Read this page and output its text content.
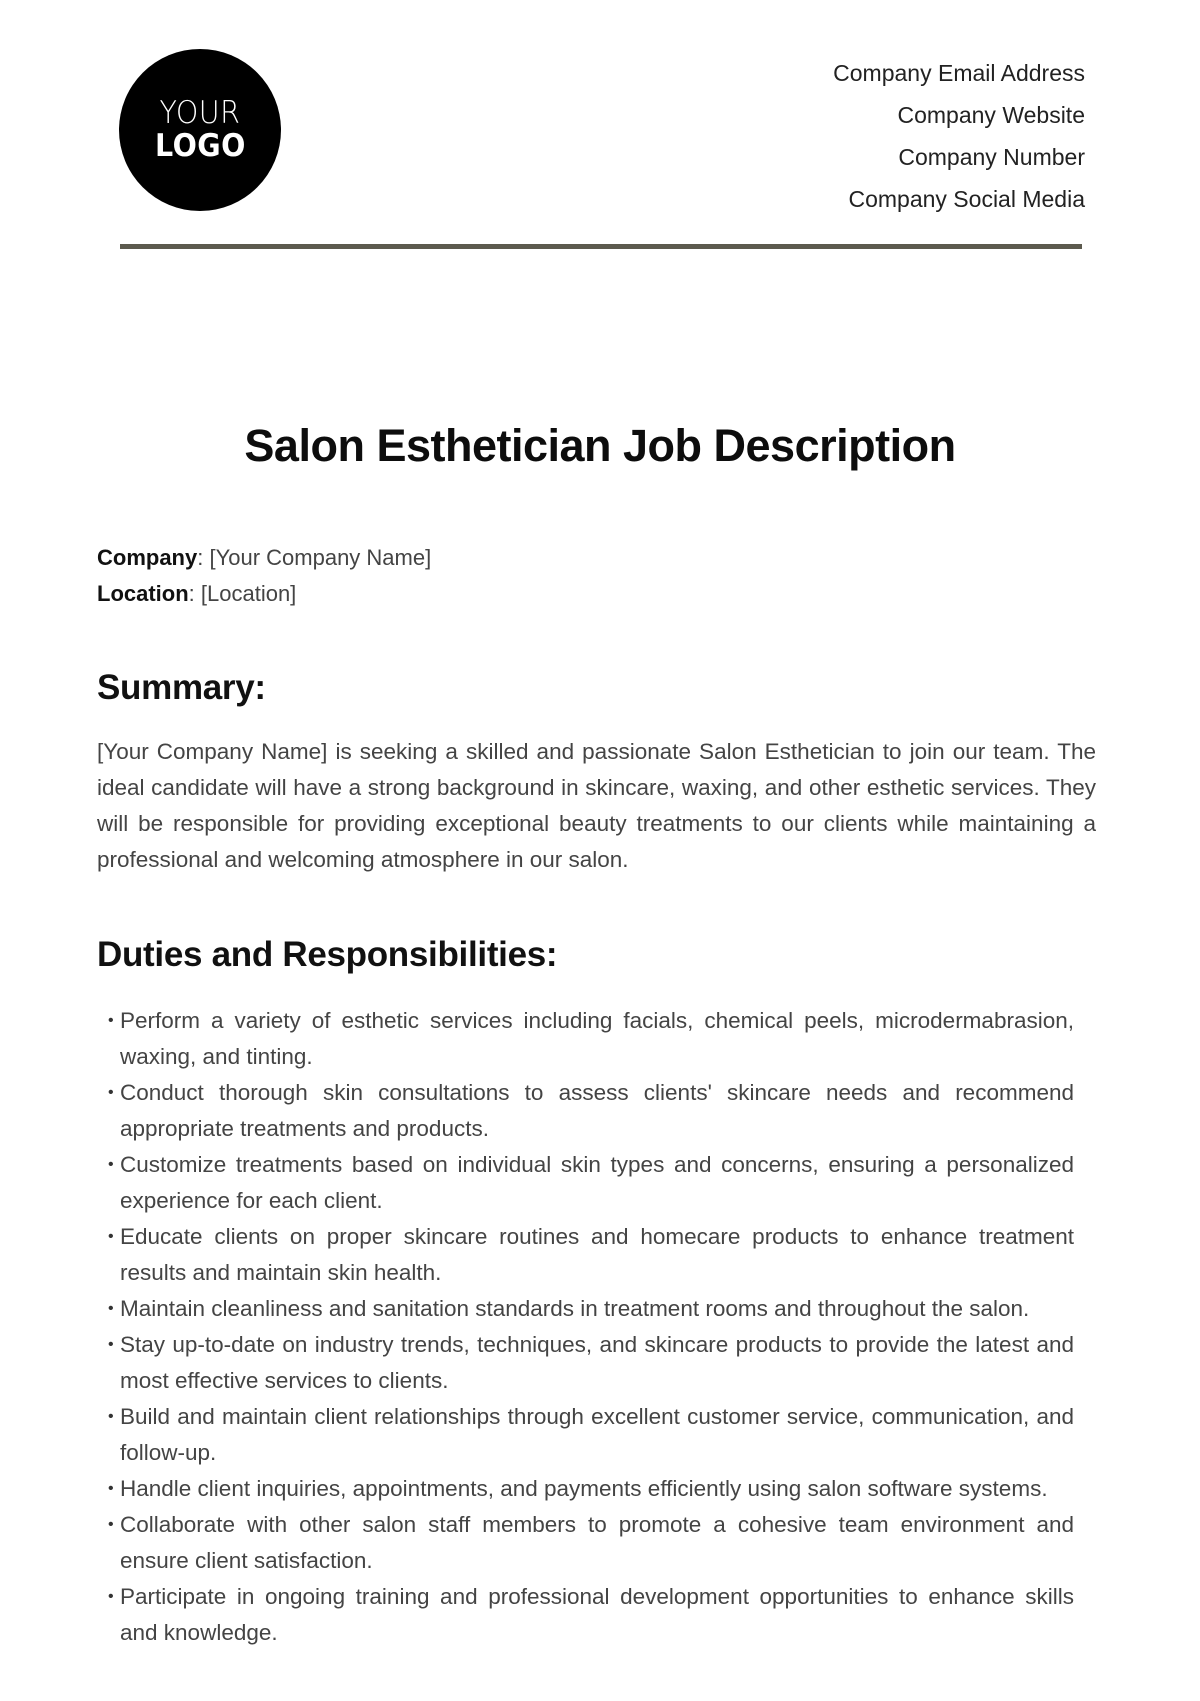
YOUR
LOGO
Company Email Address
Company Website
Company Number
Company Social Media
Salon Esthetician Job Description
Company: [Your Company Name]
Location: [Location]
Summary:
[Your Company Name] is seeking a skilled and passionate Salon Esthetician to join our team. The ideal candidate will have a strong background in skincare, waxing, and other esthetic services. They will be responsible for providing exceptional beauty treatments to our clients while maintaining a professional and welcoming atmosphere in our salon.
Duties and Responsibilities:
• Perform a variety of esthetic services including facials, chemical peels, microdermabrasion, waxing, and tinting.
• Conduct thorough skin consultations to assess clients' skincare needs and recommend appropriate treatments and products.
• Customize treatments based on individual skin types and concerns, ensuring a personalized experience for each client.
• Educate clients on proper skincare routines and homecare products to enhance treatment results and maintain skin health.
• Maintain cleanliness and sanitation standards in treatment rooms and throughout the salon.
• Stay up-to-date on industry trends, techniques, and skincare products to provide the latest and most effective services to clients.
• Build and maintain client relationships through excellent customer service, communication, and follow-up.
• Handle client inquiries, appointments, and payments efficiently using salon software systems.
• Collaborate with other salon staff members to promote a cohesive team environment and ensure client satisfaction.
• Participate in ongoing training and professional development opportunities to enhance skills and knowledge.
